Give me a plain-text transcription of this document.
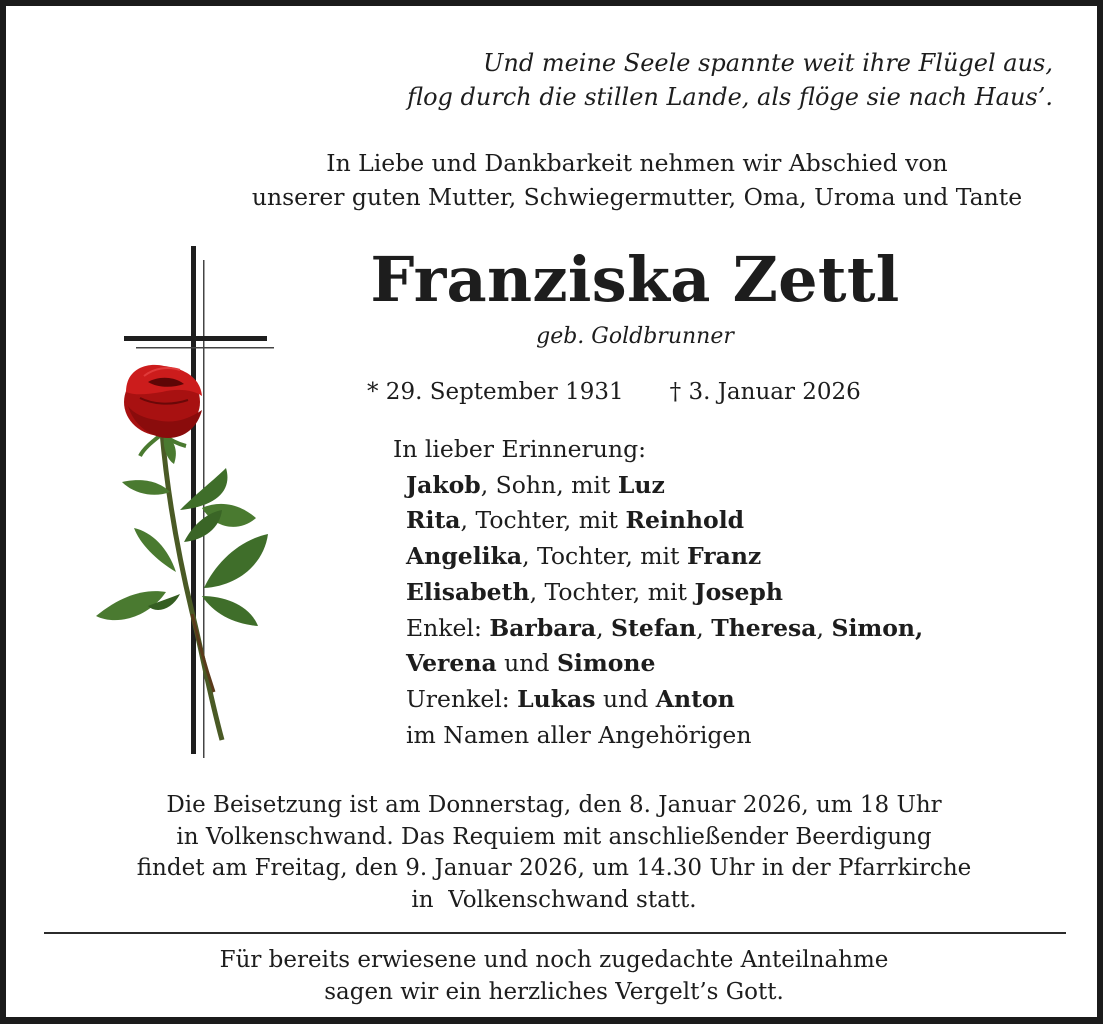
Und meine Seele spannte weit ihre Flügel aus,
flog durch die stillen Lande, als flöge sie nach Haus’.
In Liebe und Dankbarkeit nehmen wir Abschied von
unserer guten Mutter, Schwiegermutter, Oma, Uroma und Tante
Franziska Zettl
geb. Goldbrunner
* 29. September 1931 † 3. Januar 2026
In lieber Erinnerung:
Jakob, Sohn, mit Luz
Rita, Tochter, mit Reinhold
Angelika, Tochter, mit Franz
Elisabeth, Tochter, mit Joseph
Enkel: Barbara, Stefan, Theresa, Simon,
Verena und Simone
Urenkel: Lukas und Anton
im Namen aller Angehörigen
Die Beisetzung ist am Donnerstag, den 8. Januar 2026, um 18 Uhr
in Volkenschwand. Das Requiem mit anschließender Beerdigung
findet am Freitag, den 9. Januar 2026, um 14.30 Uhr in der Pfarrkirche
in  Volkenschwand statt.
Für bereits erwiesene und noch zugedachte Anteilnahme
sagen wir ein herzliches Vergelt’s Gott.
